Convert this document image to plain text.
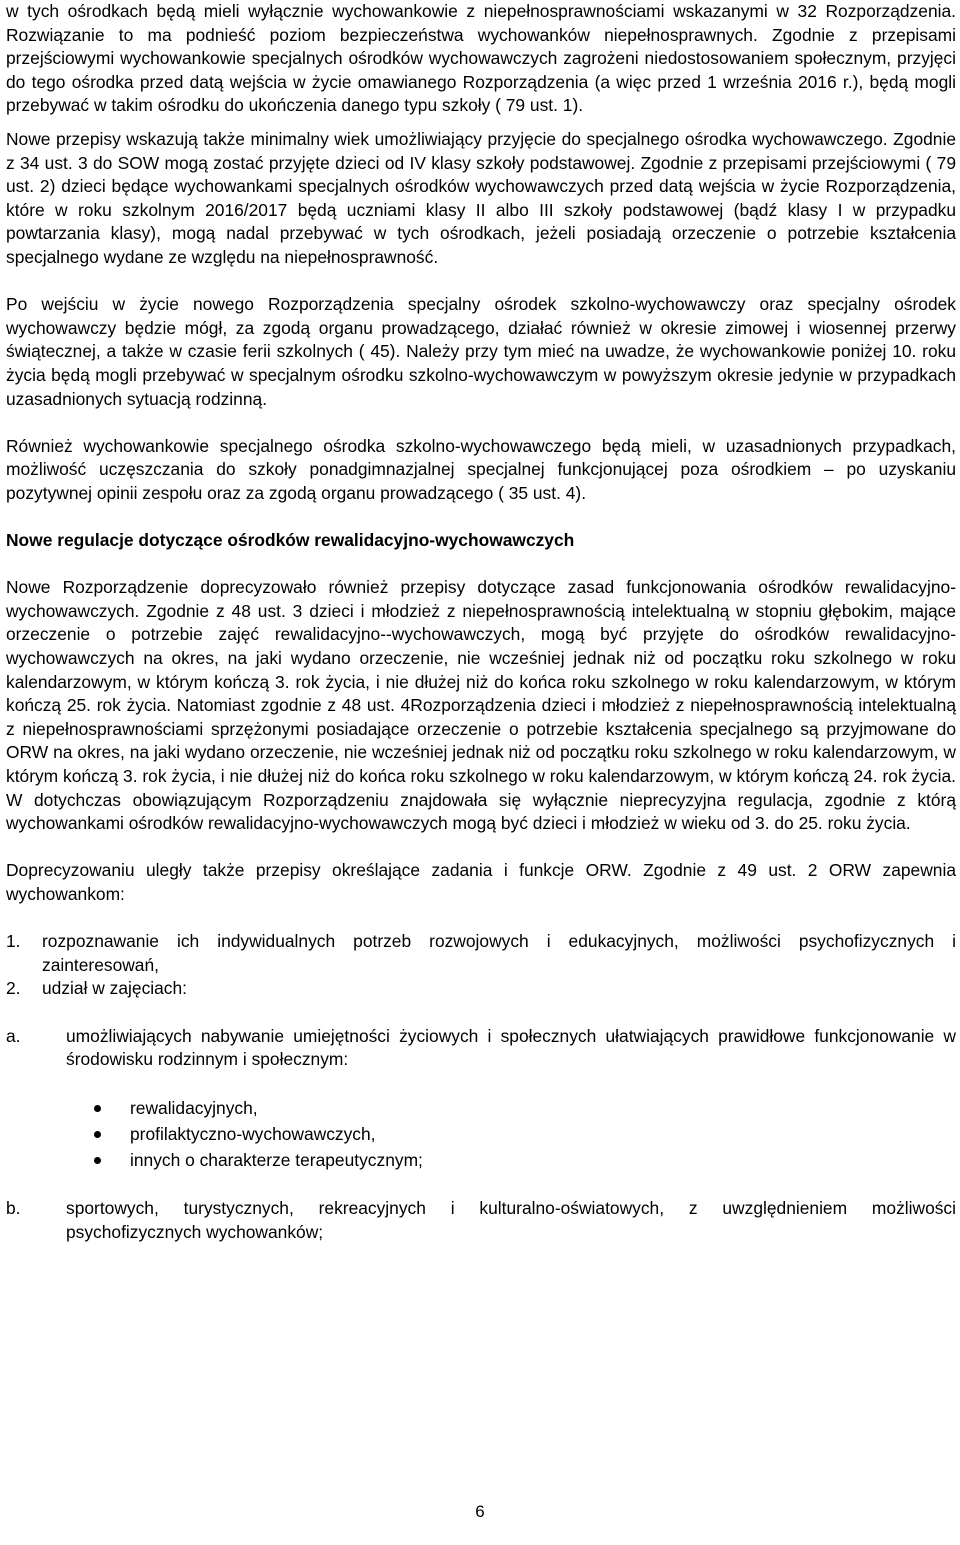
w tych ośrodkach będą mieli wyłącznie wychowankowie z niepełnosprawnościami wskazanymi w 32 Rozporządzenia. Rozwiązanie to ma podnieść poziom bezpieczeństwa wychowanków niepełnosprawnych. Zgodnie z przepisami przejściowymi wychowankowie specjalnych ośrodków wychowawczych zagrożeni niedostosowaniem społecznym, przyjęci do tego ośrodka przed datą wejścia w życie omawianego Rozporządzenia (a więc przed 1 września 2016 r.), będą mogli przebywać w takim ośrodku do ukończenia danego typu szkoły ( 79 ust. 1).

Nowe przepisy wskazują także minimalny wiek umożliwiający przyjęcie do specjalnego ośrodka wychowawczego. Zgodnie z 34 ust. 3 do SOW mogą zostać przyjęte dzieci od IV klasy szkoły podstawowej. Zgodnie z przepisami przejściowymi ( 79 ust. 2) dzieci będące wychowankami specjalnych ośrodków wychowawczych przed datą wejścia w życie Rozporządzenia, które w roku szkolnym 2016/2017 będą uczniami klasy II albo III szkoły podstawowej (bądź klasy I w przypadku powtarzania klasy), mogą nadal przebywać w tych ośrodkach, jeżeli posiadają orzeczenie o potrzebie kształcenia specjalnego wydane ze względu na niepełnosprawność.

Po wejściu w życie nowego Rozporządzenia specjalny ośrodek szkolno-wychowawczy oraz specjalny ośrodek wychowawczy będzie mógł, za zgodą organu prowadzącego, działać również w okresie zimowej i wiosennej przerwy świątecznej, a także w czasie ferii szkolnych ( 45). Należy przy tym mieć na uwadze, że wychowankowie poniżej 10. roku życia będą mogli przebywać w specjalnym ośrodku szkolno-wychowawczym w powyższym okresie jedynie w przypadkach uzasadnionych sytuacją rodzinną.

Również wychowankowie specjalnego ośrodka szkolno-wychowawczego będą mieli, w uzasadnionych przypadkach, możliwość uczęszczania do szkoły ponadgimnazjalnej specjalnej funkcjonującej poza ośrodkiem – po uzyskaniu pozytywnej opinii zespołu oraz za zgodą organu prowadzącego ( 35 ust. 4).

Nowe regulacje dotyczące ośrodków rewalidacyjno-wychowawczych

Nowe Rozporządzenie doprecyzowało również przepisy dotyczące zasad funkcjonowania ośrodków rewalidacyjno-wychowawczych. Zgodnie z 48 ust. 3 dzieci i młodzież z niepełnosprawnością intelektualną w stopniu głębokim, mające orzeczenie o potrzebie zajęć rewalidacyjno--wychowawczych, mogą być przyjęte do ośrodków rewalidacyjno-wychowawczych na okres, na jaki wydano orzeczenie, nie wcześniej jednak niż od początku roku szkolnego w roku kalendarzowym, w którym kończą 3. rok życia, i nie dłużej niż do końca roku szkolnego w roku kalendarzowym, w którym kończą 25. rok życia. Natomiast zgodnie z 48 ust. 4Rozporządzenia dzieci i młodzież z niepełnosprawnością intelektualną z niepełnosprawnościami sprzężonymi posiadające orzeczenie o potrzebie kształcenia specjalnego są przyjmowane do ORW na okres, na jaki wydano orzeczenie, nie wcześniej jednak niż od początku roku szkolnego w roku kalendarzowym, w którym kończą 3. rok życia, i nie dłużej niż do końca roku szkolnego w roku kalendarzowym, w którym kończą 24. rok życia. W dotychczas obowiązującym Rozporządzeniu znajdowała się wyłącznie nieprecyzyjna regulacja, zgodnie z którą wychowankami ośrodków rewalidacyjno-wychowawczych mogą być dzieci i młodzież w wieku od 3. do 25. roku życia.

Doprecyzowaniu uległy także przepisy określające zadania i funkcje ORW. Zgodnie z 49 ust. 2 ORW zapewnia wychowankom:

1. rozpoznawanie ich indywidualnych potrzeb rozwojowych i edukacyjnych, możliwości psychofizycznych i zainteresowań,
2. udział w zajęciach:
a.	umożliwiających nabywanie umiejętności życiowych i społecznych ułatwiających prawidłowe funkcjonowanie w środowisku rodzinnym i społecznym:
rewalidacyjnych,
profilaktyczno-wychowawczych,
innych o charakterze terapeutycznym;
b.	sportowych, turystycznych, rekreacyjnych i kulturalno-oświatowych, z uwzględnieniem możliwości psychofizycznych wychowanków;
6
